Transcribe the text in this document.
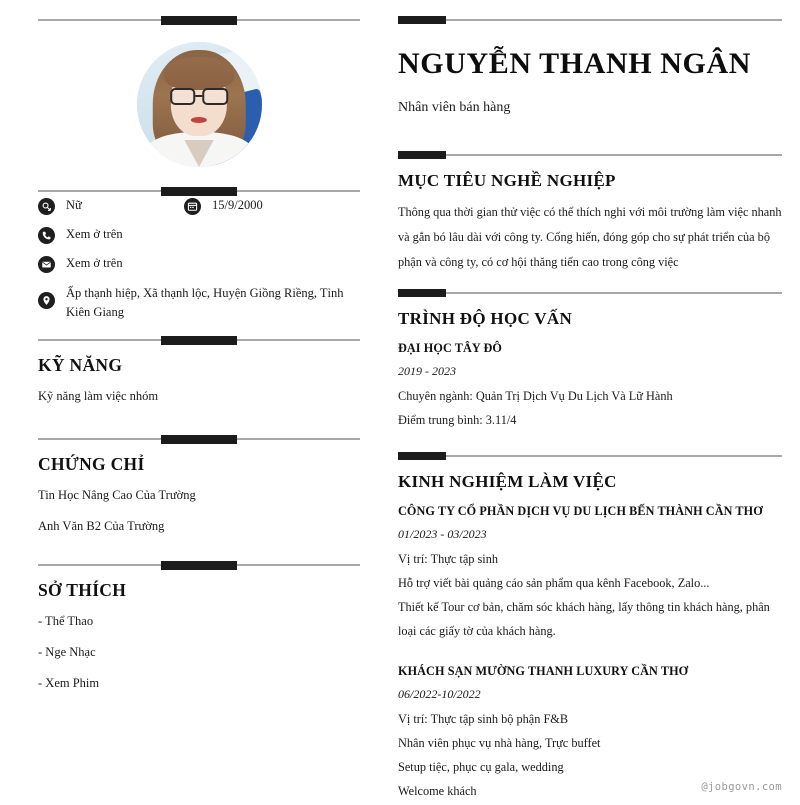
Nữ	15/9/2000
Xem ở trên
Xem ở trên
Ấp thạnh hiệp, Xã thạnh lộc, Huyện Giồng Riềng, Tỉnh Kiên Giang
KỸ NĂNG

Kỹ năng làm việc nhóm

CHỨNG CHỈ

Tin Học Nâng Cao Của Trường

Anh Văn B2 Của Trường

SỞ THÍCH

- Thể Thao

- Nge Nhạc

- Xem Phim

NGUYỄN THANH NGÂN

Nhân viên bán hàng

MỤC TIÊU NGHỀ NGHIỆP

Thông qua thời gian thử việc có thể thích nghi với môi trường làm việc nhanh và gắn bó lâu dài với công ty. Cống hiến, đóng góp cho sự phát triển của bộ phận và công ty, có cơ hội thăng tiến cao trong công việc

TRÌNH ĐỘ HỌC VẤN

ĐẠI HỌC TÂY ĐÔ

2019 - 2023

Chuyên ngành: Quản Trị Dịch Vụ Du Lịch Và Lữ Hành

Điểm trung bình: 3.11/4

KINH NGHIỆM LÀM VIỆC

CÔNG TY CỔ PHẦN DỊCH VỤ DU LỊCH BẾN THÀNH CẦN THƠ

01/2023 - 03/2023

Vị trí: Thực tập sinh

Hỗ trợ viết bài quảng cáo sản phẩm qua kênh Facebook, Zalo...

Thiết kế Tour cơ bản, chăm sóc khách hàng, lấy thông tin khách hàng, phân loại các giấy tờ của khách hàng.

KHÁCH SẠN MƯỜNG THANH LUXURY CẦN THƠ

06/2022-10/2022

Vị trí: Thực tập sinh bộ phận F&B

Nhân viên phục vụ nhà hàng, Trực buffet

Setup tiệc, phục cụ gala, wedding

Welcome khách	@jobgovn.com
